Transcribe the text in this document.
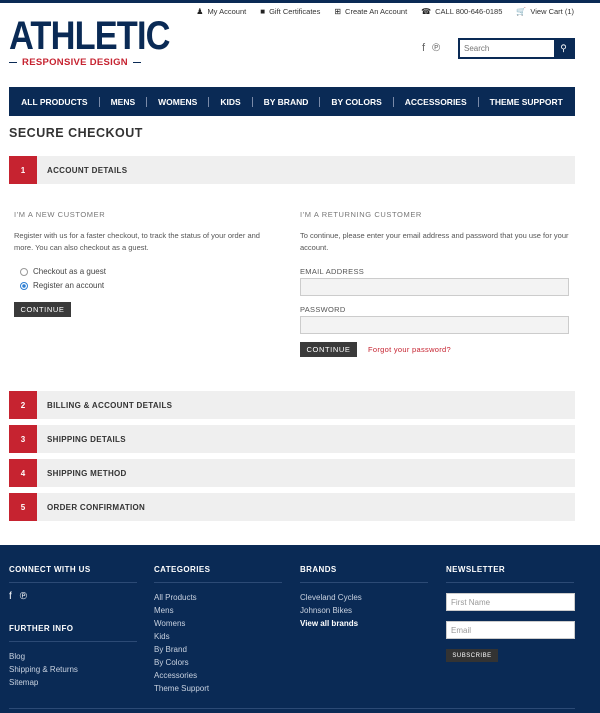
♟ My Account ■ Gift Certificates ⊞ Create An Account ☎ CALL 800-646-0185 🛒 View Cart (1)
ATHLETIC
RESPONSIVE DESIGN
f ℗
Search	⚲
ALL PRODUCTS	MENS	WOMENS	KIDS	BY BRAND	BY COLORS	ACCESSORIES	THEME SUPPORT
SECURE CHECKOUT
1	ACCOUNT DETAILS
I'M A NEW CUSTOMER
Register with us for a faster checkout, to track the status of your order and more. You can also checkout as a guest.
Checkout as a guest
Register an account
CONTINUE
I'M A RETURNING CUSTOMER
To continue, please enter your email address and password that you use for your account.
EMAIL ADDRESS
PASSWORD
CONTINUE	Forgot your password?
2	BILLING & ACCOUNT DETAILS
3	SHIPPING DETAILS
4	SHIPPING METHOD
5	ORDER CONFIRMATION
CONNECT WITH US
f ℗
FURTHER INFO
Blog
Shipping & Returns
Sitemap
CATEGORIES
All Products
Mens
Womens
Kids
By Brand
By Colors
Accessories
Theme Support
BRANDS
Cleveland Cycles
Johnson Bikes
View all brands
NEWSLETTER
First Name
Email
SUBSCRIBE
